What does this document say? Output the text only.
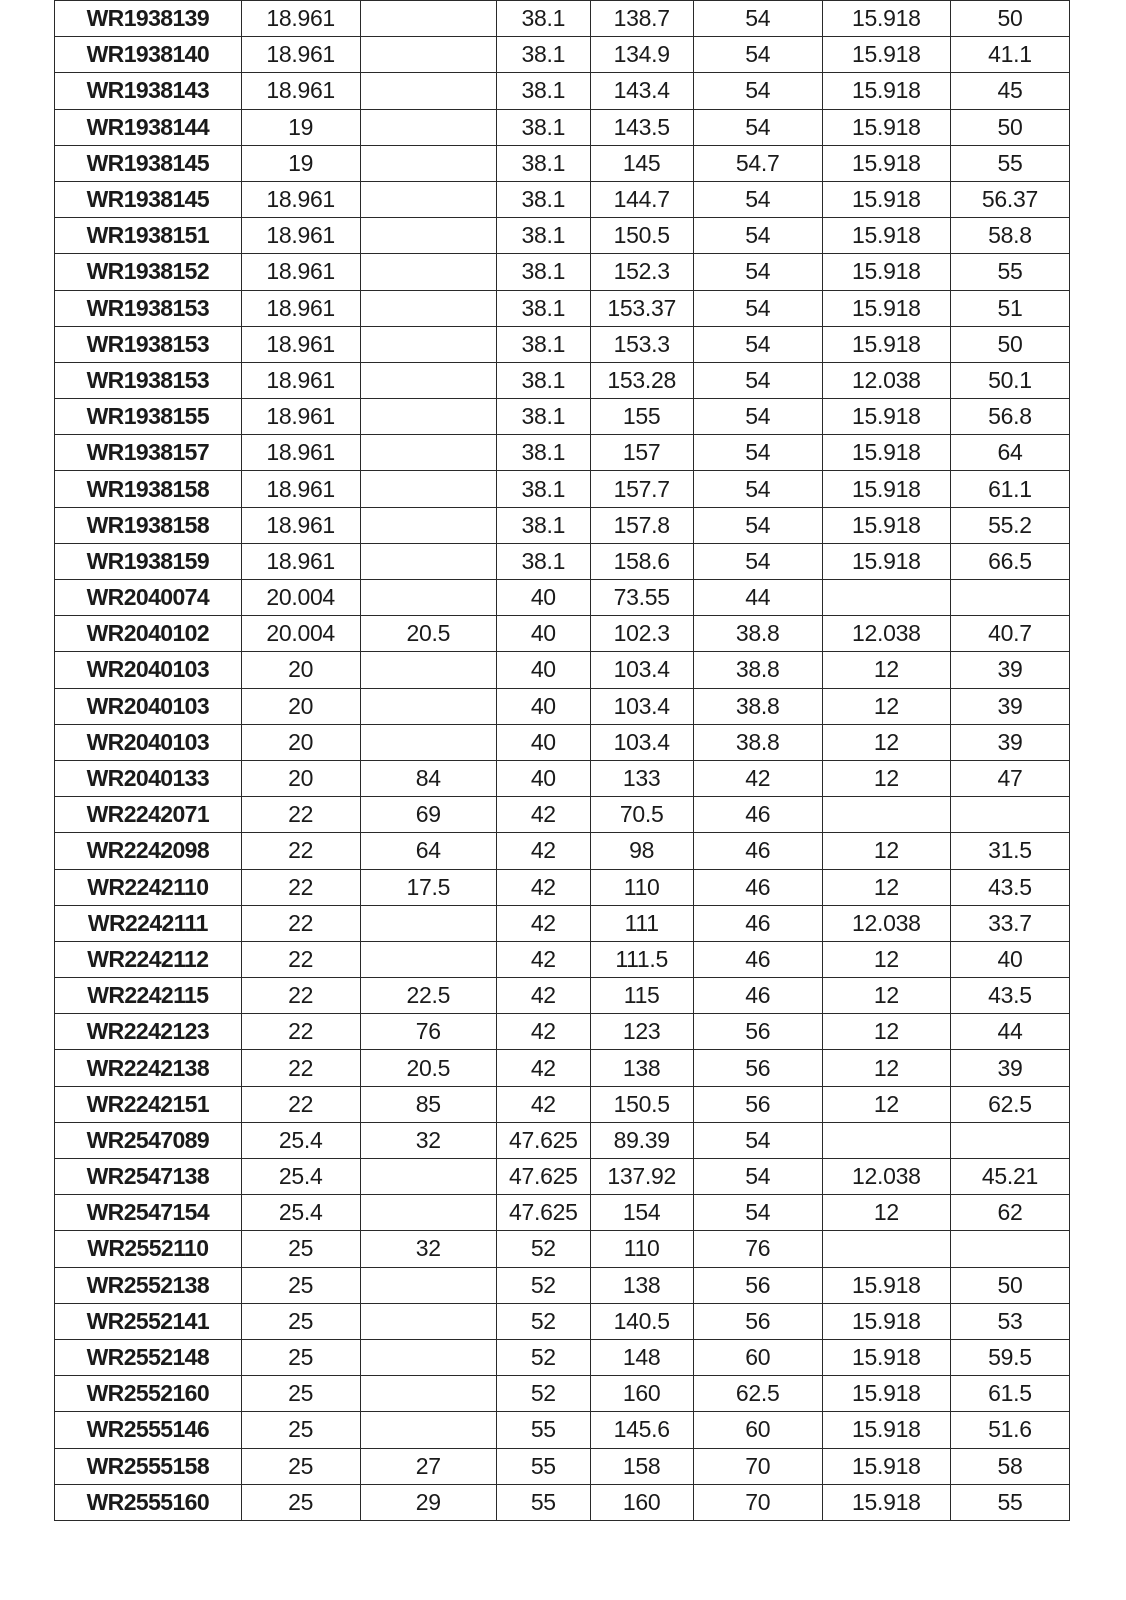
WR1938139	18.961		38.1	138.7	54	15.918	50
WR1938140	18.961		38.1	134.9	54	15.918	41.1
WR1938143	18.961		38.1	143.4	54	15.918	45
WR1938144	19		38.1	143.5	54	15.918	50
WR1938145	19		38.1	145	54.7	15.918	55
WR1938145	18.961		38.1	144.7	54	15.918	56.37
WR1938151	18.961		38.1	150.5	54	15.918	58.8
WR1938152	18.961		38.1	152.3	54	15.918	55
WR1938153	18.961		38.1	153.37	54	15.918	51
WR1938153	18.961		38.1	153.3	54	15.918	50
WR1938153	18.961		38.1	153.28	54	12.038	50.1
WR1938155	18.961		38.1	155	54	15.918	56.8
WR1938157	18.961		38.1	157	54	15.918	64
WR1938158	18.961		38.1	157.7	54	15.918	61.1
WR1938158	18.961		38.1	157.8	54	15.918	55.2
WR1938159	18.961		38.1	158.6	54	15.918	66.5
WR2040074	20.004		40	73.55	44		
WR2040102	20.004	20.5	40	102.3	38.8	12.038	40.7
WR2040103	20		40	103.4	38.8	12	39
WR2040103	20		40	103.4	38.8	12	39
WR2040103	20		40	103.4	38.8	12	39
WR2040133	20	84	40	133	42	12	47
WR2242071	22	69	42	70.5	46		
WR2242098	22	64	42	98	46	12	31.5
WR2242110	22	17.5	42	110	46	12	43.5
WR2242111	22		42	111	46	12.038	33.7
WR2242112	22		42	111.5	46	12	40
WR2242115	22	22.5	42	115	46	12	43.5
WR2242123	22	76	42	123	56	12	44
WR2242138	22	20.5	42	138	56	12	39
WR2242151	22	85	42	150.5	56	12	62.5
WR2547089	25.4	32	47.625	89.39	54		
WR2547138	25.4		47.625	137.92	54	12.038	45.21
WR2547154	25.4		47.625	154	54	12	62
WR2552110	25	32	52	110	76		
WR2552138	25		52	138	56	15.918	50
WR2552141	25		52	140.5	56	15.918	53
WR2552148	25		52	148	60	15.918	59.5
WR2552160	25		52	160	62.5	15.918	61.5
WR2555146	25		55	145.6	60	15.918	51.6
WR2555158	25	27	55	158	70	15.918	58
WR2555160	25	29	55	160	70	15.918	55
